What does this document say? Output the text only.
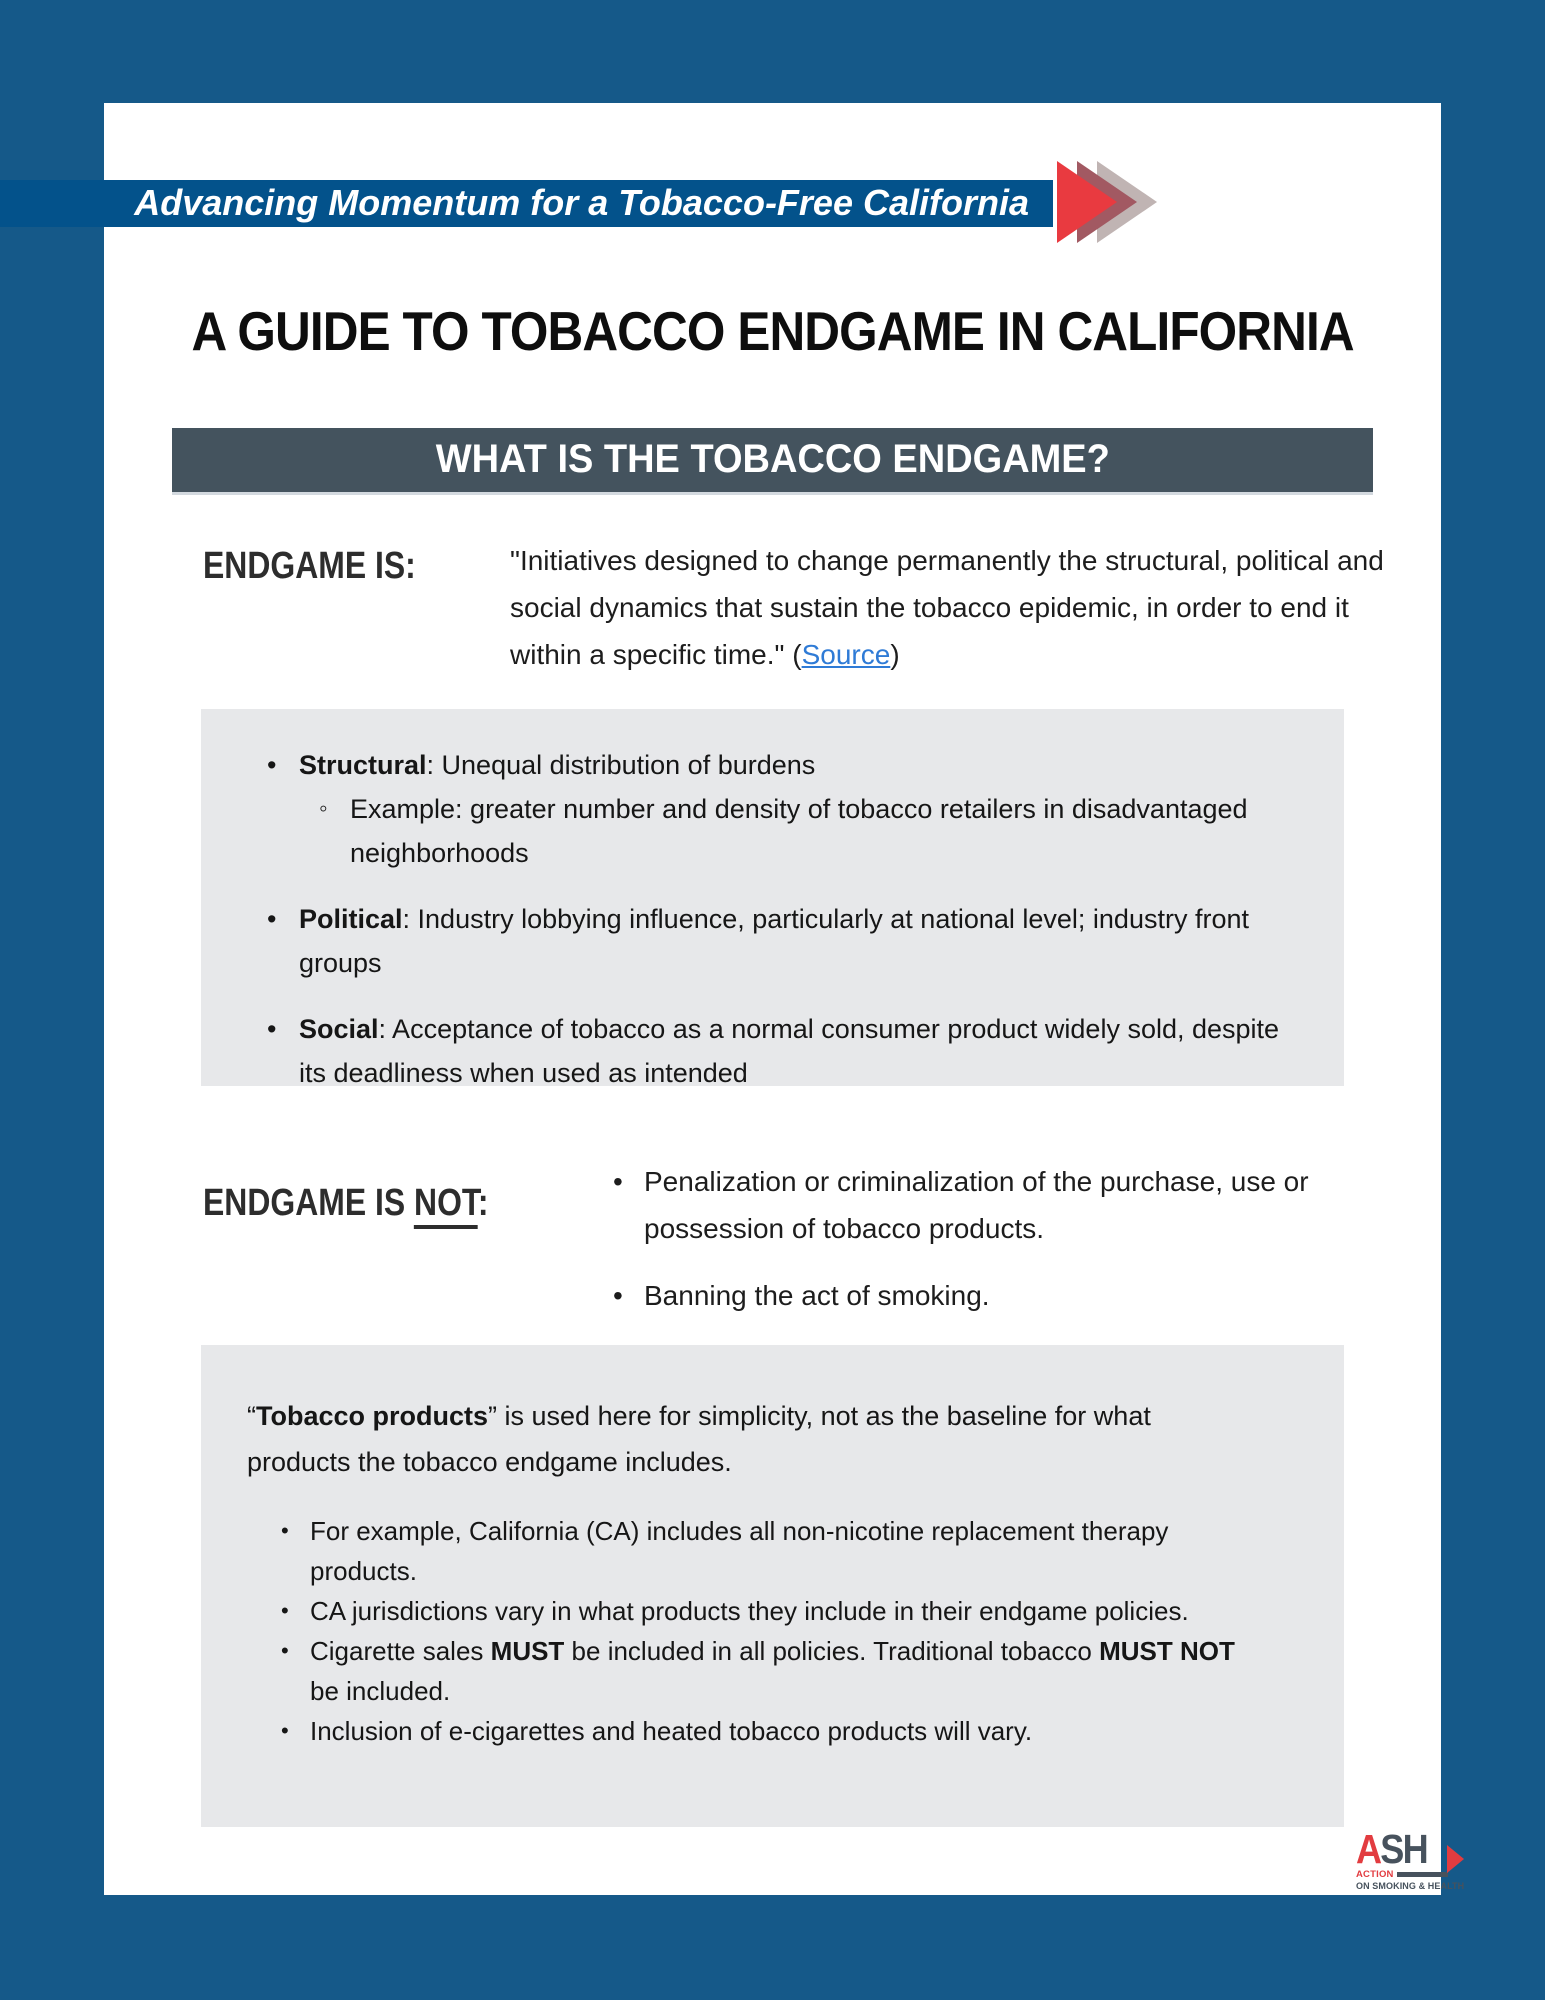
Advancing Momentum for a Tobacco-Free California
A GUIDE TO TOBACCO ENDGAME IN CALIFORNIA
WHAT IS THE TOBACCO ENDGAME?
ENDGAME IS:	"Initiatives designed to change permanently the structural, political and social dynamics that sustain the tobacco epidemic, in order to end it within a specific time." (Source)
• Structural: Unequal distribution of burdens
◦ Example: greater number and density of tobacco retailers in disadvantaged neighborhoods
• Political: Industry lobbying influence, particularly at national level; industry front groups
• Social: Acceptance of tobacco as a normal consumer product widely sold, despite its deadliness when used as intended
ENDGAME IS NOT:
• Penalization or criminalization of the purchase, use or possession of tobacco products.
• Banning the act of smoking.
“Tobacco products” is used here for simplicity, not as the baseline for what products the tobacco endgame includes.
• For example, California (CA) includes all non-nicotine replacement therapy products.
• CA jurisdictions vary in what products they include in their endgame policies.
• Cigarette sales MUST be included in all policies. Traditional tobacco MUST NOT be included.
• Inclusion of e-cigarettes and heated tobacco products will vary.
ASH
ACTION
ON SMOKING & HEALTH
